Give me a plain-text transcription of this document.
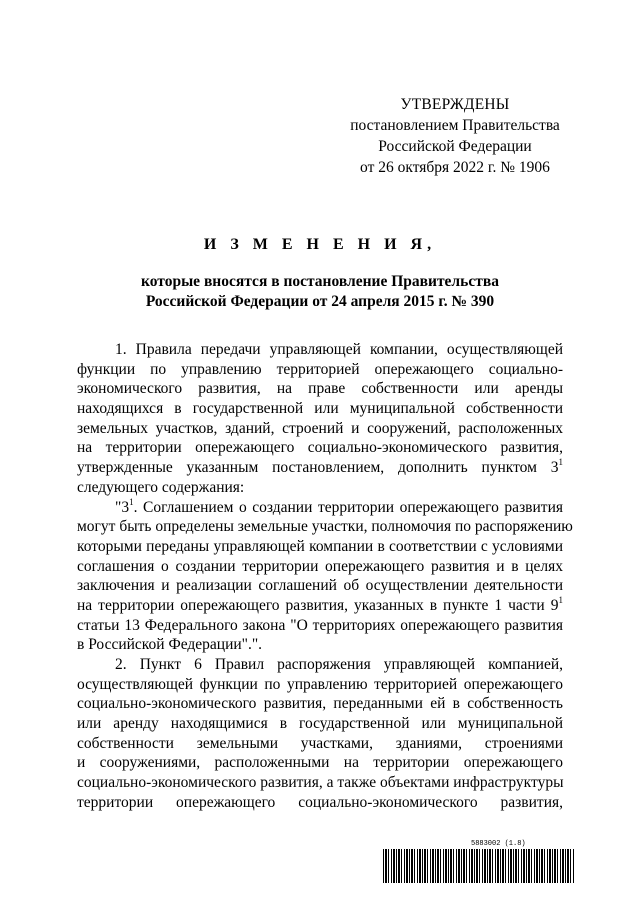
УТВЕРЖДЕНЫ
постановлением Правительства
Российской Федерации
от 26 октября 2022 г. № 1906
И З М Е Н Е Н И Я,
которые вносятся в постановление Правительства
Российской Федерации от 24 апреля 2015 г. № 390
1. Правила передачи управляющей компании, осуществляющей
функции по управлению территорией опережающего социально-
экономического развития, на праве собственности или аренды
находящихся в государственной или муниципальной собственности
земельных участков, зданий, строений и сооружений, расположенных
на территории опережающего социально-экономического развития,
утвержденные указанным постановлением, дополнить пунктом $3^1$
следующего содержания:
"$3^1$. Соглашением о создании территории опережающего развития
могут быть определены земельные участки, полномочия по распоряжению
которыми переданы управляющей компании в соответствии с условиями
соглашения о создании территории опережающего развития и в целях
заключения и реализации соглашений об осуществлении деятельности
на территории опережающего развития, указанных в пункте 1 части $9^1$
статьи 13 Федерального закона "О территориях опережающего развития
в Российской Федерации".".
2. Пункт 6 Правил распоряжения управляющей компанией,
осуществляющей функции по управлению территорией опережающего
социально-экономического развития, переданными ей в собственность
или аренду находящимися в государственной или муниципальной
собственности земельными участками, зданиями, строениями
и сооружениями, расположенными на территории опережающего
социально-экономического развития, а также объектами инфраструктуры
территории опережающего социально-экономического развития,
5883002 (1.8)
